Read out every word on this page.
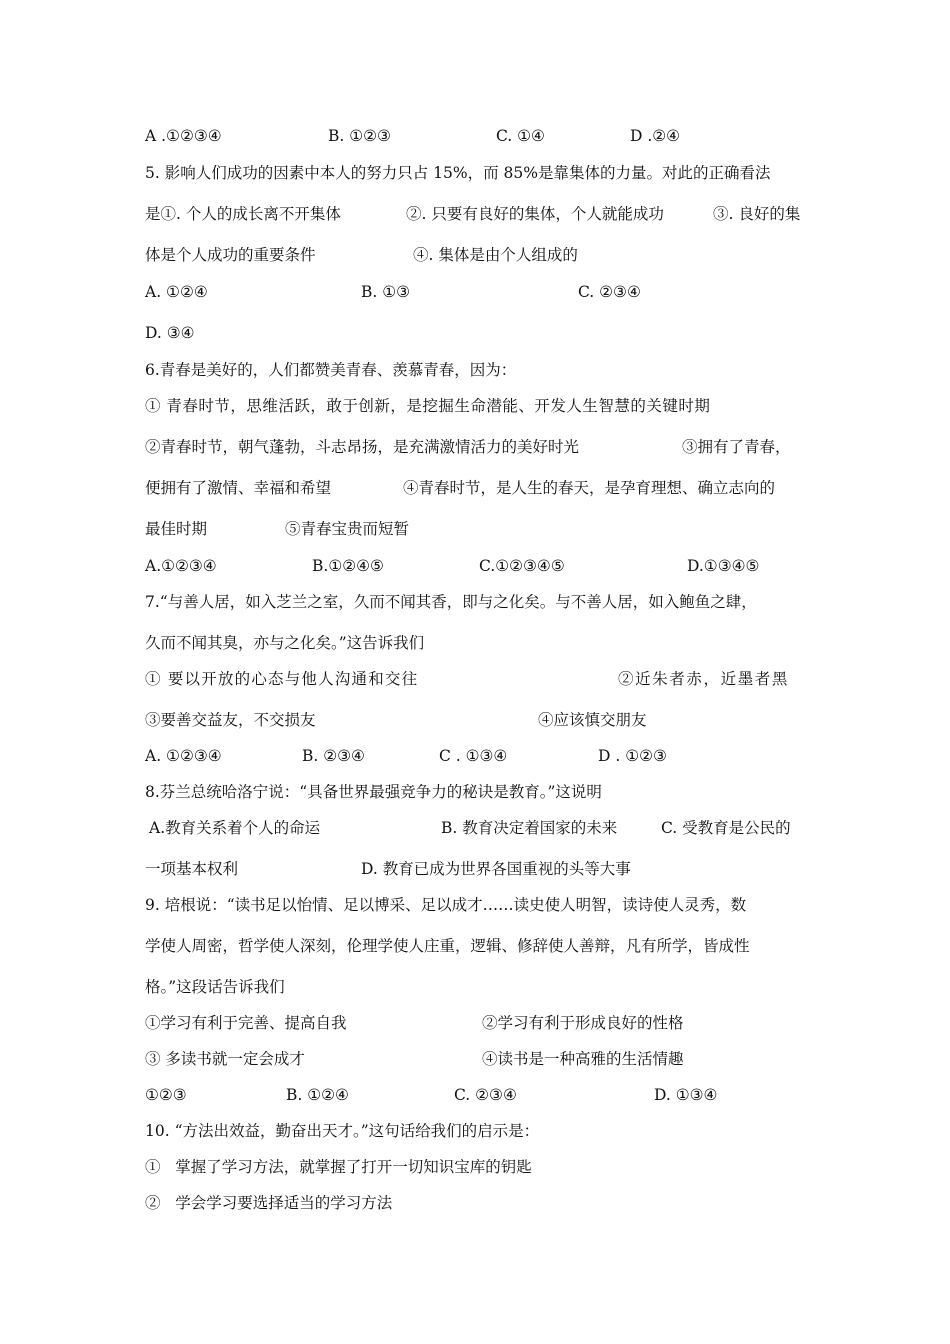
A .①②③④	B. ①②③	C. ①④	D .②④
5. 影响人们成功的因素中本人的努力只占 15%，而 85%是靠集体的力量。对此的正确看法
是①. 个人的成长离不开集体	②. 只要有良好的集体，个人就能成功	③. 良好的集
体是个人成功的重要条件	④. 集体是由个人组成的
A. ①②④	B. ①③	C. ②③④
D. ③④
6.青春是美好的，人们都赞美青春、羡慕青春，因为：
① 青春时节，思维活跃，敢于创新，是挖掘生命潜能、开发人生智慧的关键时期
②青春时节，朝气蓬勃，斗志昂扬，是充满激情活力的美好时光	③拥有了青春，
便拥有了激情、幸福和希望	④青春时节，是人生的春天，是孕育理想、确立志向的
最佳时期	⑤青春宝贵而短暂
A.①②③④	B.①②④⑤	C.①②③④⑤	D.①③④⑤
7.“与善人居，如入芝兰之室，久而不闻其香，即与之化矣。与不善人居，如入鲍鱼之肆，
久而不闻其臭，亦与之化矣。”这告诉我们
① 要以开放的心态与他人沟通和交往	②近朱者赤，近墨者黑
③要善交益友，不交损友	④应该慎交朋友
A. ①②③④	B. ②③④	C . ①③④	D . ①②③
8.芬兰总统哈洛宁说：“具备世界最强竞争力的秘诀是教育。”这说明
A.教育关系着个人的命运	B. 教育决定着国家的未来	C. 受教育是公民的
一项基本权利	D. 教育已成为世界各国重视的头等大事
9. 培根说：“读书足以怡情、足以博采、足以成才……读史使人明智，读诗使人灵秀，数
学使人周密，哲学使人深刻，伦理学使人庄重，逻辑、修辞使人善辩，凡有所学，皆成性
格。”这段话告诉我们
①学习有利于完善、提高自我	②学习有利于形成良好的性格
③ 多读书就一定会成才	④读书是一种高雅的生活情趣
①②③	B. ①②④	C. ②③④	D. ①③④
10. “方法出效益，勤奋出天才。”这句话给我们的启示是：
①   掌握了学习方法，就掌握了打开一切知识宝库的钥匙
②   学会学习要选择适当的学习方法
